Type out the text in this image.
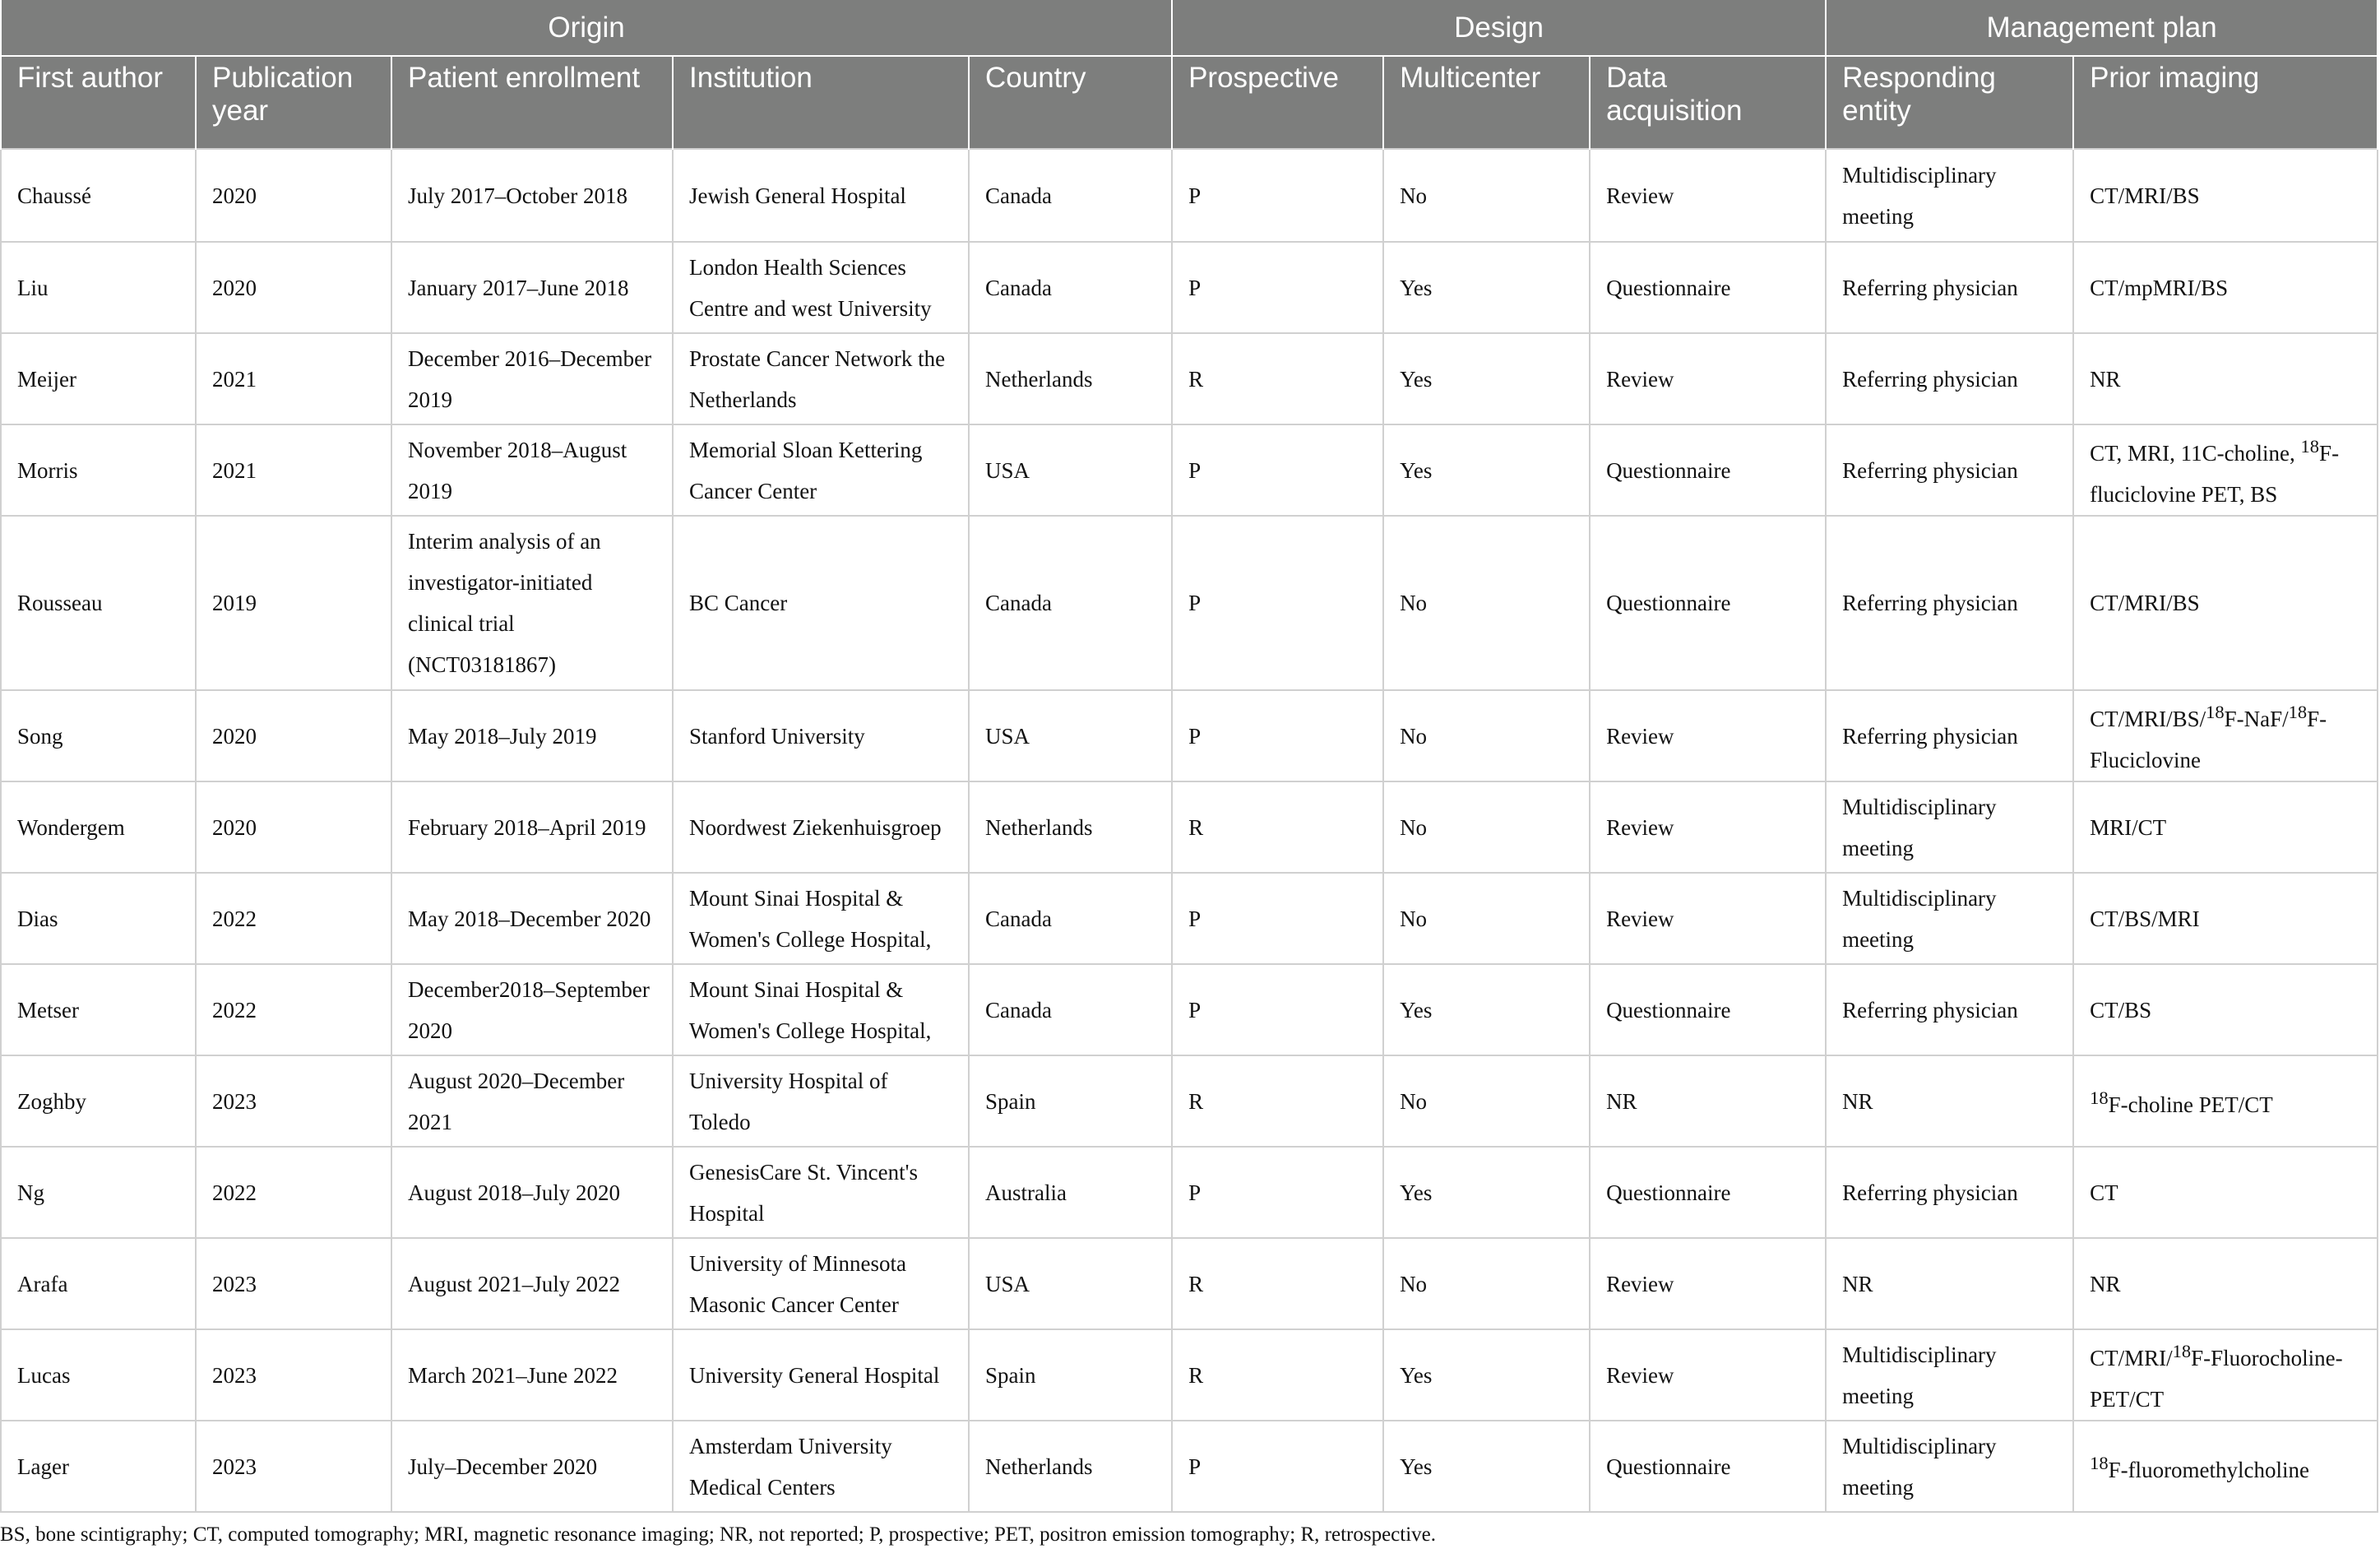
Origin					Design			Management plan	
First author	Publication year	Patient enrollment	Institution	Country	Prospective	Multicenter	Data acquisition	Responding entity	Prior imaging
Chaussé	2020	July 2017–October 2018	Jewish General Hospital	Canada	P	No	Review	Multidisciplinary meeting	CT/MRI/BS
Liu	2020	January 2017–June 2018	London Health Sciences Centre and west University	Canada	P	Yes	Questionnaire	Referring physician	CT/mpMRI/BS
Meijer	2021	December 2016–December 2019	Prostate Cancer Network the Netherlands	Netherlands	R	Yes	Review	Referring physician	NR
Morris	2021	November 2018–August 2019	Memorial Sloan Kettering Cancer Center	USA	P	Yes	Questionnaire	Referring physician	CT, MRI, 11C-choline, $^{18}$F-fluciclovine PET, BS
Rousseau	2019	Interim analysis of an investigator-initiated clinical trial (NCT03181867)	BC Cancer	Canada	P	No	Questionnaire	Referring physician	CT/MRI/BS
Song	2020	May 2018–July 2019	Stanford University	USA	P	No	Review	Referring physician	CT/MRI/BS/$^{18}$F-NaF/$^{18}$F-Fluciclovine
Wondergem	2020	February 2018–April 2019	Noordwest Ziekenhuisgroep	Netherlands	R	No	Review	Multidisciplinary meeting	MRI/CT
Dias	2022	May 2018–December 2020	Mount Sinai Hospital & Women's College Hospital,	Canada	P	No	Review	Multidisciplinary meeting	CT/BS/MRI
Metser	2022	December2018–September 2020	Mount Sinai Hospital & Women's College Hospital,	Canada	P	Yes	Questionnaire	Referring physician	CT/BS
Zoghby	2023	August 2020–December 2021	University Hospital of Toledo	Spain	R	No	NR	NR	$^{18}$F-choline PET/CT
Ng	2022	August 2018–July 2020	GenesisCare St. Vincent's Hospital	Australia	P	Yes	Questionnaire	Referring physician	CT
Arafa	2023	August 2021–July 2022	University of Minnesota Masonic Cancer Center	USA	R	No	Review	NR	NR
Lucas	2023	March 2021–June 2022	University General Hospital	Spain	R	Yes	Review	Multidisciplinary meeting	CT/MRI/$^{18}$F-Fluorocholine-PET/CT
Lager	2023	July–December 2020	Amsterdam University Medical Centers	Netherlands	P	Yes	Questionnaire	Multidisciplinary meeting	$^{18}$F-fluoromethylcholine
BS, bone scintigraphy; CT, computed tomography; MRI, magnetic resonance imaging; NR, not reported; P, prospective; PET, positron emission tomography; R, retrospective.
